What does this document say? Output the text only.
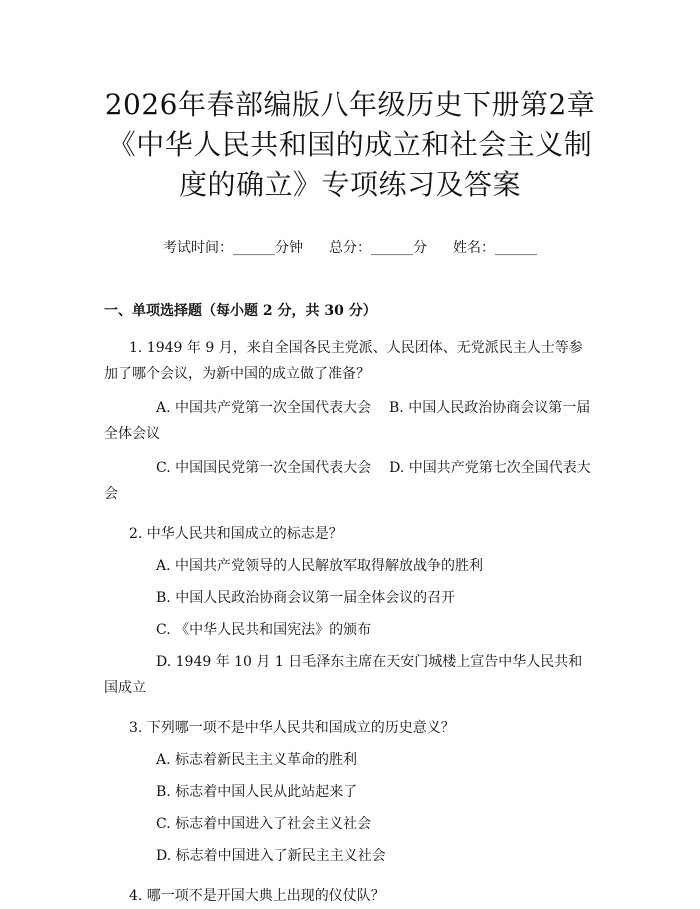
2026年春部编版八年级历史下册第2章《中华人民共和国的成立和社会主义制度的确立》专项练习及答案
考试时间：______分钟 总分：______分 姓名：______
一、单项选择题（每小题 2 分，共 30 分）
1. 1949 年 9 月，来自全国各民主党派、人民团体、无党派民主人士等参加了哪个会议，为新中国的成立做了准备？
A. 中国共产党第一次全国代表大会 B. 中国人民政治协商会议第一届全体会议
C. 中国国民党第一次全国代表大会 D. 中国共产党第七次全国代表大会
2. 中华人民共和国成立的标志是？
A. 中国共产党领导的人民解放军取得解放战争的胜利
B. 中国人民政治协商会议第一届全体会议的召开
C. 《中华人民共和国宪法》的颁布
D. 1949 年 10 月 1 日毛泽东主席在天安门城楼上宣告中华人民共和国成立
3. 下列哪一项不是中华人民共和国成立的历史意义？
A. 标志着新民主主义革命的胜利
B. 标志着中国人民从此站起来了
C. 标志着中国进入了社会主义社会
D. 标志着中国进入了新民主主义社会
4. 哪一项不是开国大典上出现的仪仗队？
